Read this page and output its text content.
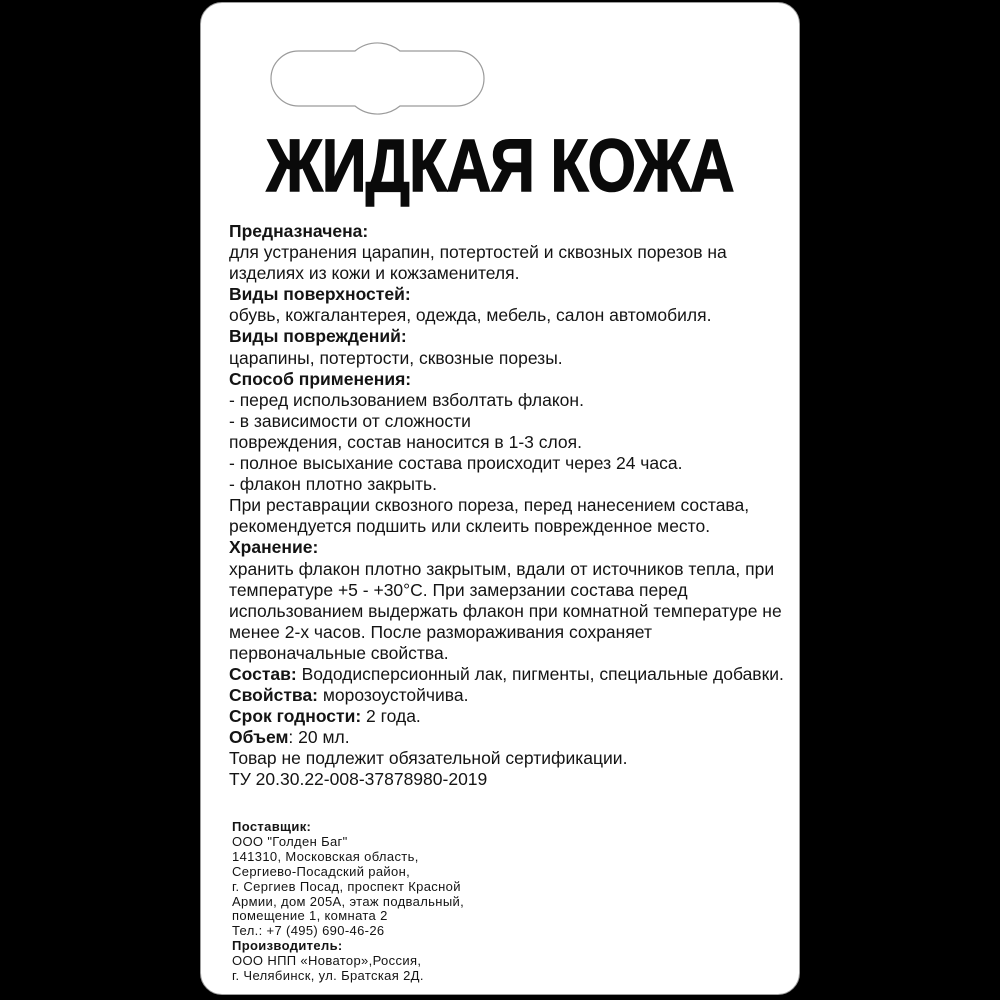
ЖИДКАЯ КОЖА
Предназначена:
для устранения царапин, потертостей и сквозных порезов на
изделиях из кожи и кожзаменителя.
Виды поверхностей:
обувь, кожгалантерея, одежда, мебель, салон автомобиля.
Виды повреждений:
царапины, потертости, сквозные порезы.
Способ применения:
- перед использованием взболтать флакон.
- в зависимости от сложности
повреждения, состав наносится в 1-3 слоя.
- полное высыхание состава происходит через 24 часа.
- флакон плотно закрыть.
При реставрации сквозного пореза, перед нанесением состава,
рекомендуется подшить или склеить поврежденное место.
Хранение:
хранить флакон плотно закрытым, вдали от источников тепла, при
температуре +5 - +30°С. При замерзании состава перед
использованием выдержать флакон при комнатной температуре не
менее 2-х часов. После размораживания сохраняет
первоначальные свойства.
Состав: Вододисперсионный лак, пигменты, специальные добавки.
Свойства: морозоустойчива.
Срок годности: 2 года.
Объем: 20 мл.
Товар не подлежит обязательной сертификации.
ТУ 20.30.22-008-37878980-2019
Поставщик:
ООО "Голден Баг"
141310, Московская область,
Сергиево-Посадский район,
г. Сергиев Посад, проспект Красной
Армии, дом 205А, этаж подвальный,
помещение 1, комната 2
Тел.: +7 (495) 690-46-26
Производитель:
ООО НПП «Новатор»,Россия,
г. Челябинск, ул. Братская 2Д.
